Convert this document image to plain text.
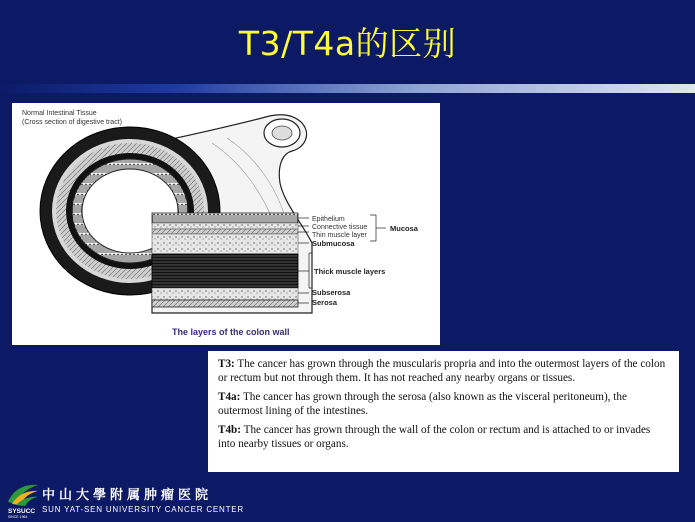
T3/T4a的区别
Normal Intestinal Tissue
(Cross section of digestive tract)
Epithelium
Connective tissue
Thin muscle layer
Mucosa
Submucosa
Thick muscle layers
Subserosa
Serosa
The layers of the colon wall

T3: The cancer has grown through the muscularis propria and into the outermost layers of the colon or rectum but not through them. It has not reached any nearby organs or tissues.

T4a: The cancer has grown through the serosa (also known as the visceral peritoneum), the outermost lining of the intestines.

T4b: The cancer has grown through the wall of the colon or rectum and is attached to or invades into nearby tissues or organs.

SYSUCC
SINCE 1964
中山大學附属肿瘤医院
SUN YAT-SEN UNIVERSITY CANCER CENTER
